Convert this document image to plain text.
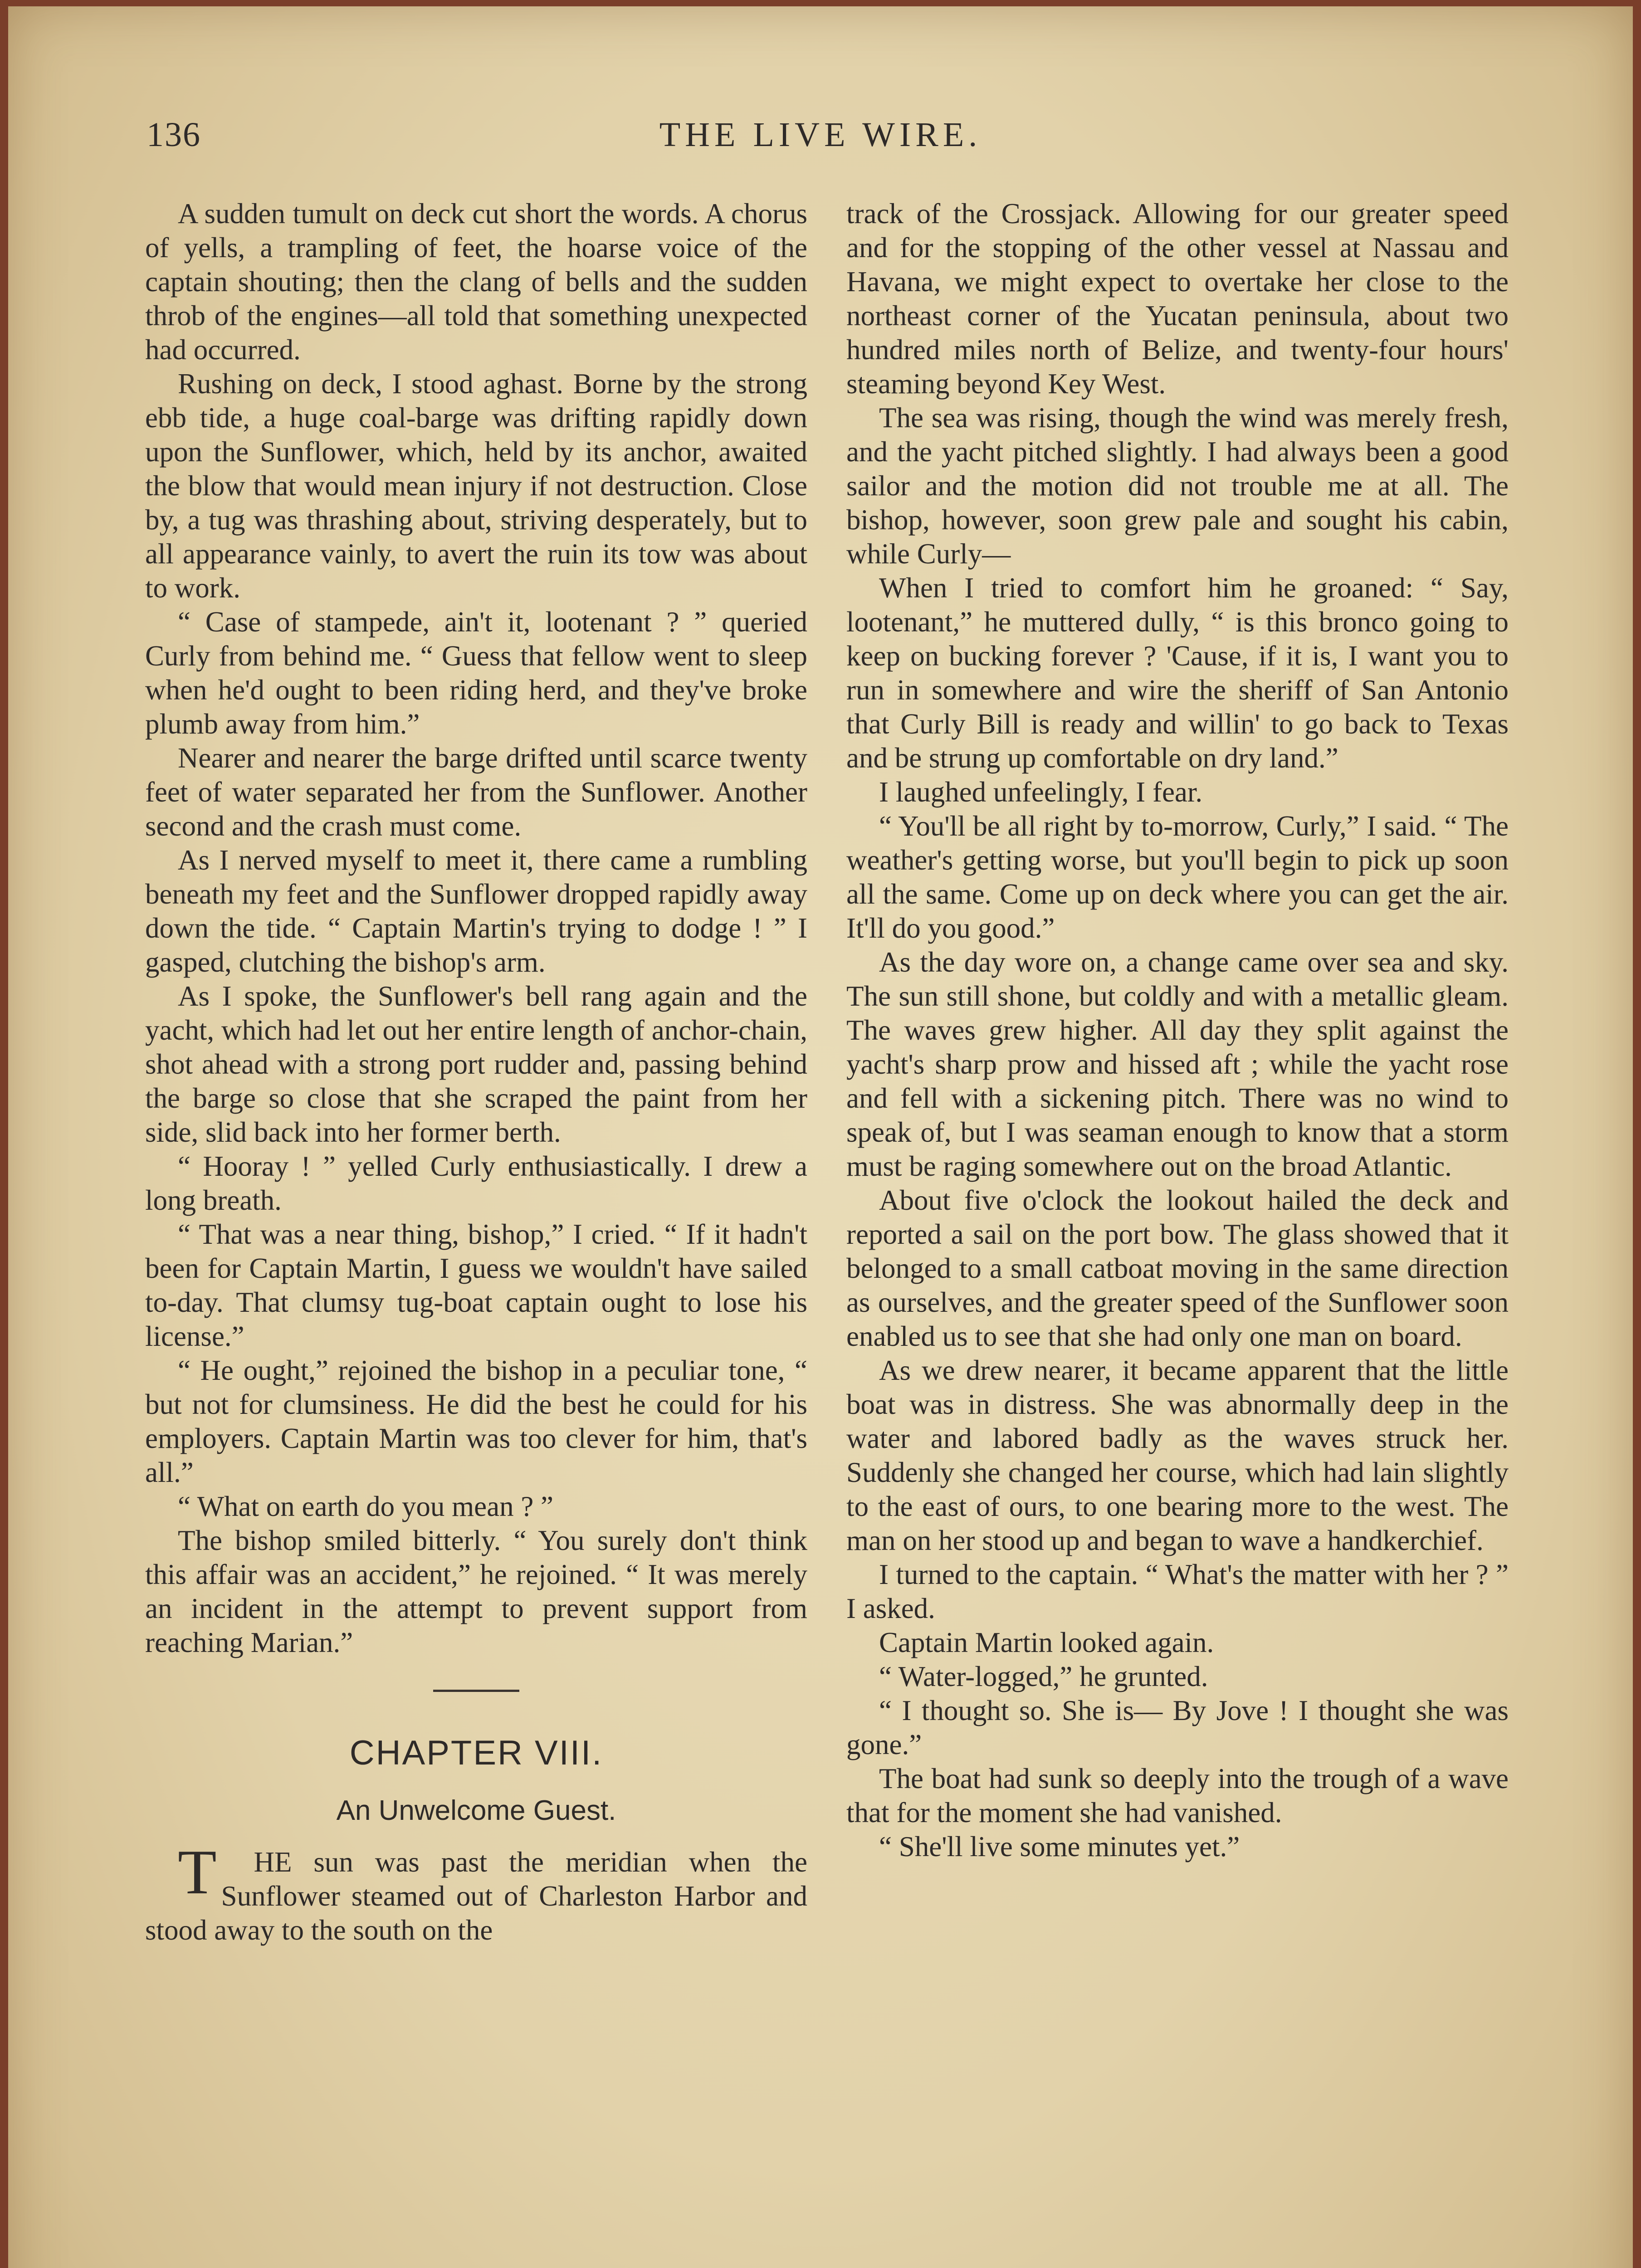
136	THE LIVE WIRE.

A sudden tumult on deck cut short the words. A chorus of yells, a trampling of feet, the hoarse voice of the captain shouting; then the clang of bells and the sudden throb of the engines—all told that something unexpected had occurred.

Rushing on deck, I stood aghast. Borne by the strong ebb tide, a huge coal-barge was drifting rapidly down upon the Sunflower, which, held by its anchor, awaited the blow that would mean injury if not destruction. Close by, a tug was thrashing about, striving desperately, but to all appearance vainly, to avert the ruin its tow was about to work.

“ Case of stampede, ain't it, lootenant ? ” queried Curly from behind me. “ Guess that fellow went to sleep when he'd ought to been riding herd, and they've broke plumb away from him.”

Nearer and nearer the barge drifted until scarce twenty feet of water separated her from the Sunflower. Another second and the crash must come.

As I nerved myself to meet it, there came a rumbling beneath my feet and the Sunflower dropped rapidly away down the tide. “ Captain Martin's trying to dodge ! ” I gasped, clutching the bishop's arm.

As I spoke, the Sunflower's bell rang again and the yacht, which had let out her entire length of anchor-chain, shot ahead with a strong port rudder and, passing behind the barge so close that she scraped the paint from her side, slid back into her former berth.

“ Hooray ! ” yelled Curly enthusiastically. I drew a long breath.

“ That was a near thing, bishop,” I cried. “ If it hadn't been for Captain Martin, I guess we wouldn't have sailed to-day. That clumsy tug-boat captain ought to lose his license.”

“ He ought,” rejoined the bishop in a peculiar tone, “ but not for clumsiness. He did the best he could for his employers. Captain Martin was too clever for him, that's all.”

“ What on earth do you mean ? ”

The bishop smiled bitterly. “ You surely don't think this affair was an accident,” he rejoined. “ It was merely an incident in the attempt to prevent support from reaching Marian.”

CHAPTER VIII.
An Unwelcome Guest.

T HE sun was past the meridian when the Sunflower steamed out of Charleston Harbor and stood away to the south on the

track of the Crossjack. Allowing for our greater speed and for the stopping of the other vessel at Nassau and Havana, we might expect to overtake her close to the northeast corner of the Yucatan peninsula, about two hundred miles north of Belize, and twenty-four hours' steaming beyond Key West.

The sea was rising, though the wind was merely fresh, and the yacht pitched slightly. I had always been a good sailor and the motion did not trouble me at all. The bishop, however, soon grew pale and sought his cabin, while Curly—

When I tried to comfort him he groaned: “ Say, lootenant,” he muttered dully, “ is this bronco going to keep on bucking forever ? 'Cause, if it is, I want you to run in somewhere and wire the sheriff of San Antonio that Curly Bill is ready and willin' to go back to Texas and be strung up comfortable on dry land.”

I laughed unfeelingly, I fear.

“ You'll be all right by to-morrow, Curly,” I said. “ The weather's getting worse, but you'll begin to pick up soon all the same. Come up on deck where you can get the air. It'll do you good.”

As the day wore on, a change came over sea and sky. The sun still shone, but coldly and with a metallic gleam. The waves grew higher. All day they split against the yacht's sharp prow and hissed aft ; while the yacht rose and fell with a sickening pitch. There was no wind to speak of, but I was seaman enough to know that a storm must be raging somewhere out on the broad Atlantic.

About five o'clock the lookout hailed the deck and reported a sail on the port bow. The glass showed that it belonged to a small catboat moving in the same direction as ourselves, and the greater speed of the Sunflower soon enabled us to see that she had only one man on board.

As we drew nearer, it became apparent that the little boat was in distress. She was abnormally deep in the water and labored badly as the waves struck her. Suddenly she changed her course, which had lain slightly to the east of ours, to one bearing more to the west. The man on her stood up and began to wave a handkerchief.

I turned to the captain. “ What's the matter with her ? ” I asked.

Captain Martin looked again.

“ Water-logged,” he grunted.

“ I thought so. She is— By Jove ! I thought she was gone.”

The boat had sunk so deeply into the trough of a wave that for the moment she had vanished.

“ She'll live some minutes yet.”
